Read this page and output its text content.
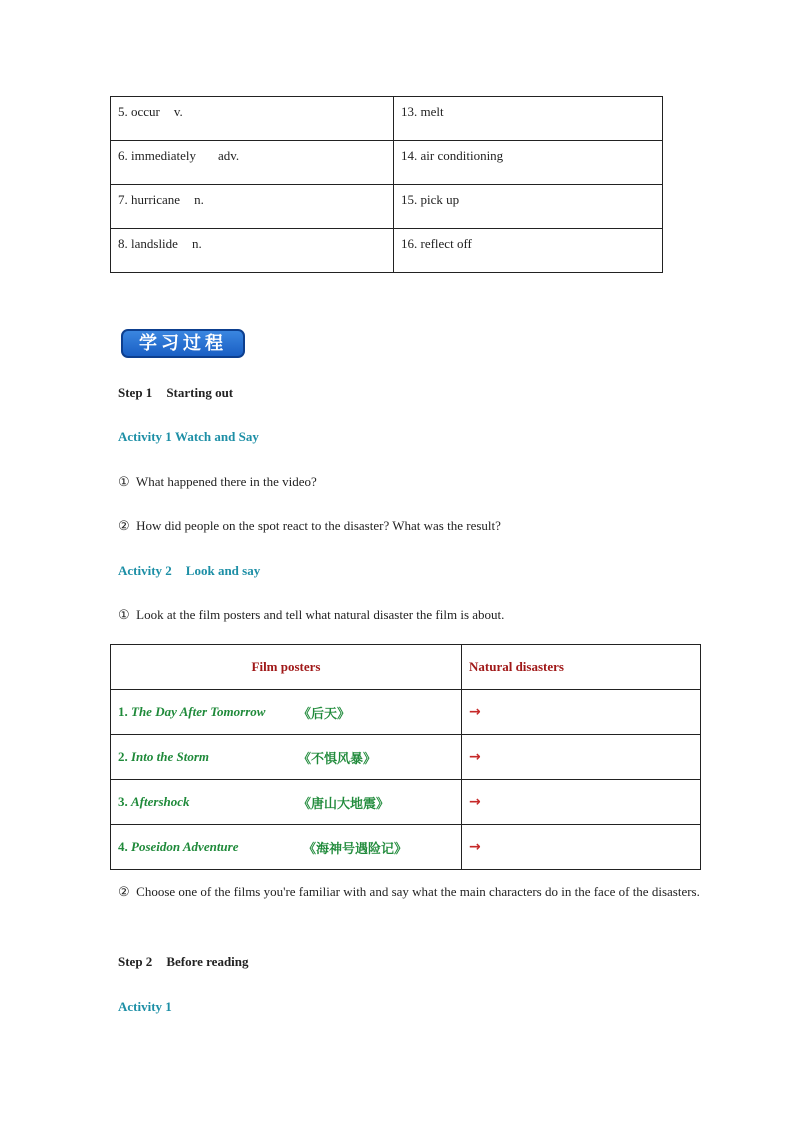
5. occur v.	13. melt
6. immediately adv.	14. air conditioning
7. hurricane n.	15. pick up
8. landslide n.	16. reflect off
学习过程
Step 1 Starting out
Activity 1 Watch and Say
① What happened there in the video?
② How did people on the spot react to the disaster? What was the result?
Activity 2 Look and say
① Look at the film posters and tell what natural disaster the film is about.
Film posters	Natural disasters
1. The Day After Tomorrow 《后天》	→
2. Into the Storm 《不惧风暴》	→
3. Aftershock 《唐山大地震》	→
4. Poseidon Adventure 《海神号遇险记》	→
② Choose one of the films you're familiar with and say what the main characters do in the face of the disasters.
Step 2 Before reading
Activity 1
